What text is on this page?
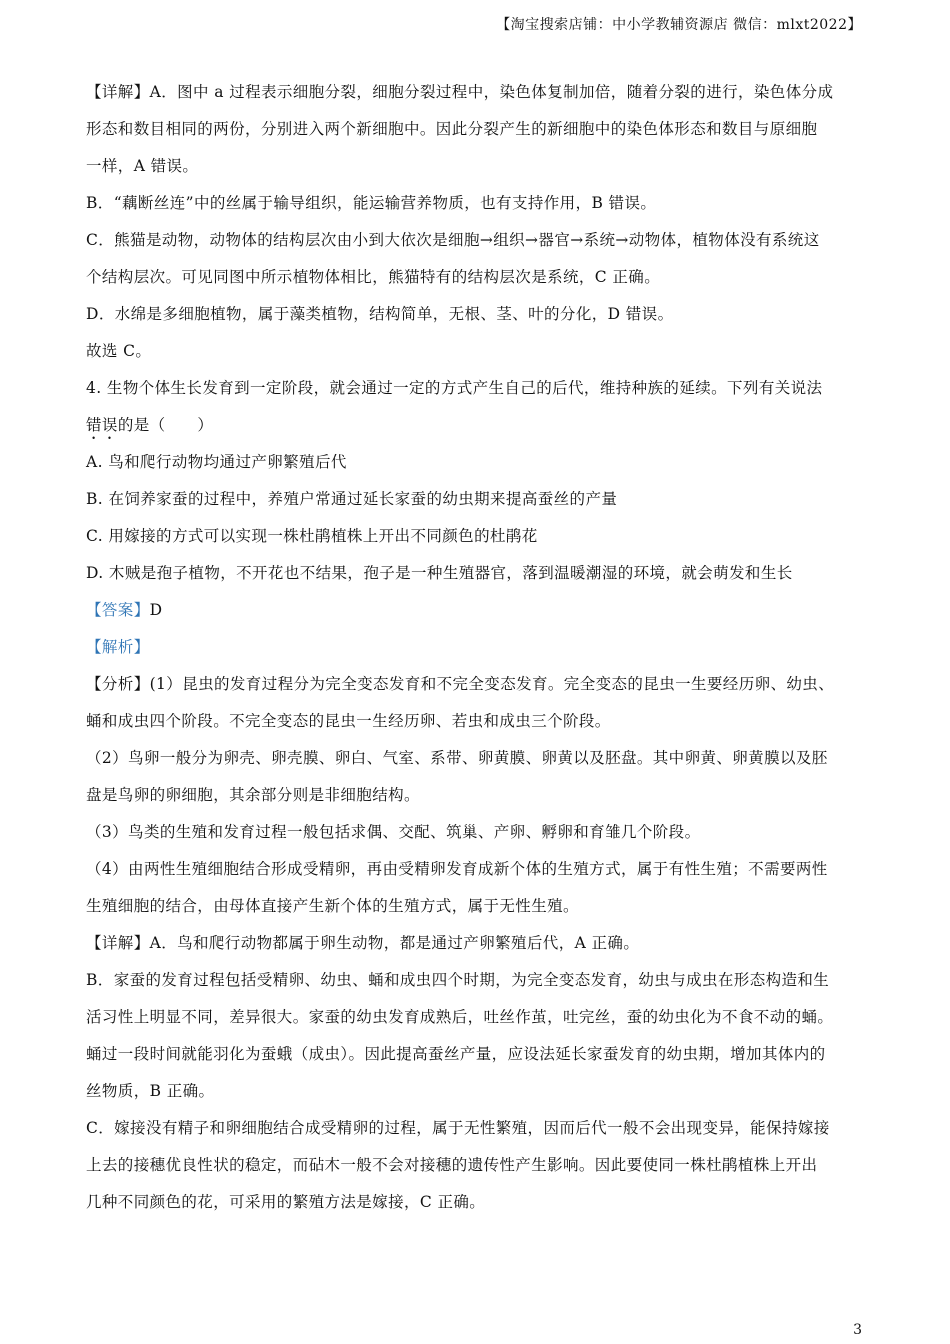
【淘宝搜索店铺：中小学教辅资源店 微信：mlxt2022】
【详解】A．图中 a 过程表示细胞分裂，细胞分裂过程中，染色体复制加倍，随着分裂的进行，染色体分成
形态和数目相同的两份，分别进入两个新细胞中。因此分裂产生的新细胞中的染色体形态和数目与原细胞
一样，A 错误。
B．“藕断丝连”中的丝属于输导组织，能运输营养物质，也有支持作用，B 错误。
C．熊猫是动物，动物体的结构层次由小到大依次是细胞→组织→器官→系统→动物体，植物体没有系统这
个结构层次。可见同图中所示植物体相比，熊猫特有的结构层次是系统，C 正确。
D．水绵是多细胞植物，属于藻类植物，结构简单，无根、茎、叶的分化，D 错误。
故选 C。
4. 生物个体生长发育到一定阶段，就会通过一定的方式产生自己的后代，维持种族的延续。下列有关说法
错误的是（　　）
A. 鸟和爬行动物均通过产卵繁殖后代
B. 在饲养家蚕的过程中，养殖户常通过延长家蚕的幼虫期来提高蚕丝的产量
C. 用嫁接的方式可以实现一株杜鹃植株上开出不同颜色的杜鹃花
D. 木贼是孢子植物，不开花也不结果，孢子是一种生殖器官，落到温暖潮湿的环境，就会萌发和生长
【答案】D
【解析】
【分析】(1）昆虫的发育过程分为完全变态发育和不完全变态发育。完全变态的昆虫一生要经历卵、幼虫、
蛹和成虫四个阶段。不完全变态的昆虫一生经历卵、若虫和成虫三个阶段。
（2）鸟卵一般分为卵壳、卵壳膜、卵白、气室、系带、卵黄膜、卵黄以及胚盘。其中卵黄、卵黄膜以及胚
盘是鸟卵的卵细胞，其余部分则是非细胞结构。
（3）鸟类的生殖和发育过程一般包括求偶、交配、筑巢、产卵、孵卵和育雏几个阶段。
（4）由两性生殖细胞结合形成受精卵，再由受精卵发育成新个体的生殖方式，属于有性生殖；不需要两性
生殖细胞的结合，由母体直接产生新个体的生殖方式，属于无性生殖。
【详解】A．鸟和爬行动物都属于卵生动物，都是通过产卵繁殖后代，A 正确。
B．家蚕的发育过程包括受精卵、幼虫、蛹和成虫四个时期，为完全变态发育，幼虫与成虫在形态构造和生
活习性上明显不同，差异很大。家蚕的幼虫发育成熟后，吐丝作茧，吐完丝，蚕的幼虫化为不食不动的蛹。
蛹过一段时间就能羽化为蚕蛾（成虫）。因此提高蚕丝产量，应设法延长家蚕发育的幼虫期，增加其体内的
丝物质，B 正确。
C．嫁接没有精子和卵细胞结合成受精卵的过程，属于无性繁殖，因而后代一般不会出现变异，能保持嫁接
上去的接穗优良性状的稳定，而砧木一般不会对接穗的遗传性产生影响。因此要使同一株杜鹃植株上开出
几种不同颜色的花，可采用的繁殖方法是嫁接，C 正确。
3
